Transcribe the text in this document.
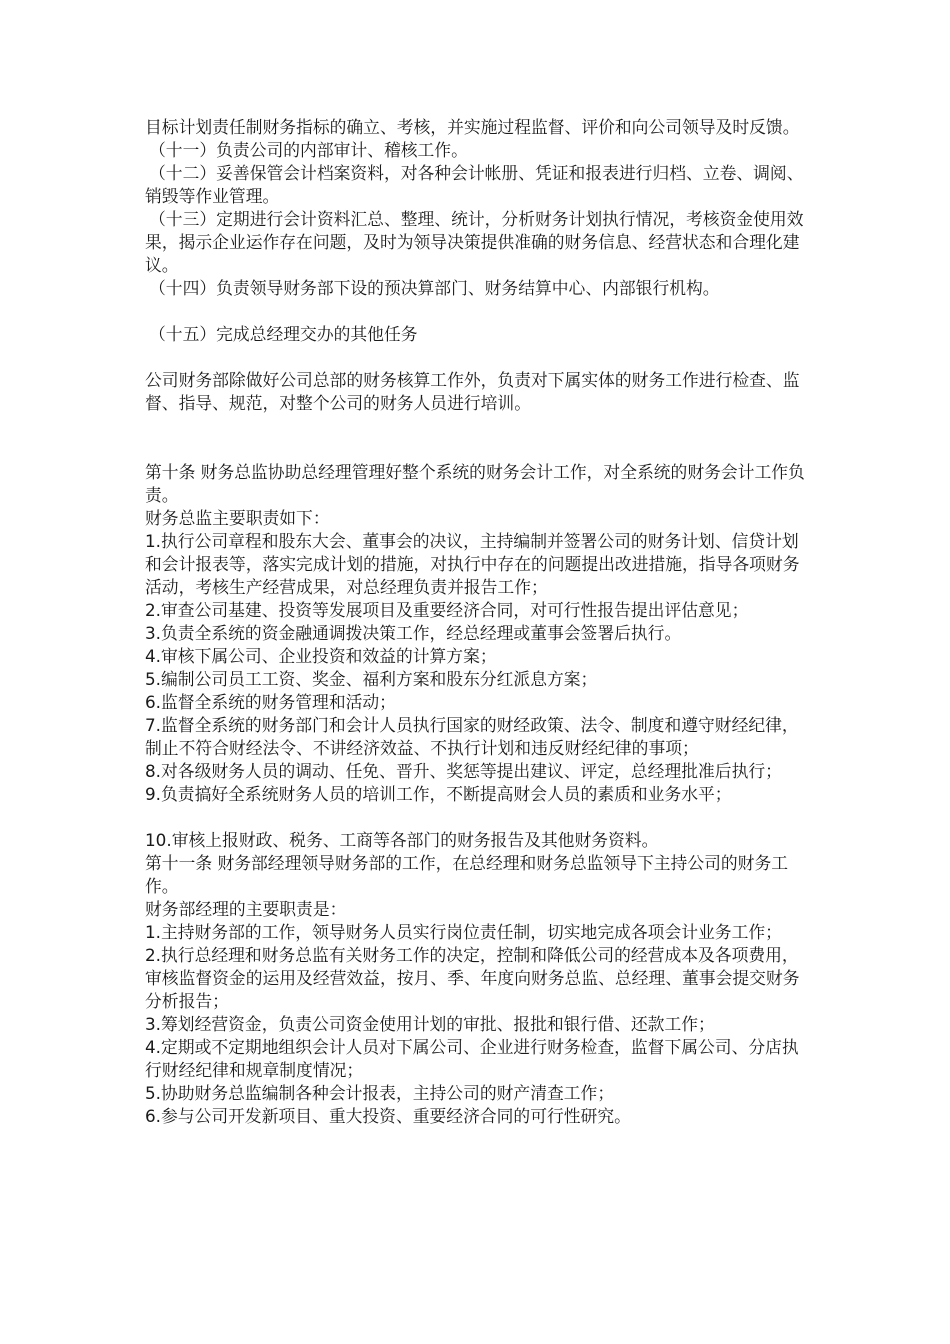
目标计划责任制财务指标的确立、考核，并实施过程监督、评价和向公司领导及时反馈。

（十一）负责公司的内部审计、稽核工作。

（十二）妥善保管会计档案资料，对各种会计帐册、凭证和报表进行归档、立卷、调阅、销毁等作业管理。

（十三）定期进行会计资料汇总、整理、统计，分析财务计划执行情况，考核资金使用效果，揭示企业运作存在问题，及时为领导决策提供准确的财务信息、经营状态和合理化建议。

（十四）负责领导财务部下设的预决算部门、财务结算中心、内部银行机构。

（十五）完成总经理交办的其他任务

公司财务部除做好公司总部的财务核算工作外，负责对下属实体的财务工作进行检查、监督、指导、规范，对整个公司的财务人员进行培训。

第十条 财务总监协助总经理管理好整个系统的财务会计工作，对全系统的财务会计工作负责。

财务总监主要职责如下：

1.执行公司章程和股东大会、董事会的决议，主持编制并签署公司的财务计划、信贷计划和会计报表等，落实完成计划的措施，对执行中存在的问题提出改进措施，指导各项财务活动，考核生产经营成果，对总经理负责并报告工作；

2.审查公司基建、投资等发展项目及重要经济合同，对可行性报告提出评估意见；

3.负责全系统的资金融通调拨决策工作，经总经理或董事会签署后执行。

4.审核下属公司、企业投资和效益的计算方案；

5.编制公司员工工资、奖金、福利方案和股东分红派息方案；

6.监督全系统的财务管理和活动；

7.监督全系统的财务部门和会计人员执行国家的财经政策、法令、制度和遵守财经纪律，制止不符合财经法令、不讲经济效益、不执行计划和违反财经纪律的事项；

8.对各级财务人员的调动、任免、晋升、奖惩等提出建议、评定，总经理批准后执行；

9.负责搞好全系统财务人员的培训工作，不断提高财会人员的素质和业务水平；

10.审核上报财政、税务、工商等各部门的财务报告及其他财务资料。

第十一条 财务部经理领导财务部的工作，在总经理和财务总监领导下主持公司的财务工作。

财务部经理的主要职责是：

1.主持财务部的工作，领导财务人员实行岗位责任制，切实地完成各项会计业务工作；

2.执行总经理和财务总监有关财务工作的决定，控制和降低公司的经营成本及各项费用，审核监督资金的运用及经营效益，按月、季、年度向财务总监、总经理、董事会提交财务分析报告；

3.筹划经营资金，负责公司资金使用计划的审批、报批和银行借、还款工作；

4.定期或不定期地组织会计人员对下属公司、企业进行财务检查，监督下属公司、分店执行财经纪律和规章制度情况；

5.协助财务总监编制各种会计报表，主持公司的财产清查工作；

6.参与公司开发新项目、重大投资、重要经济合同的可行性研究。
